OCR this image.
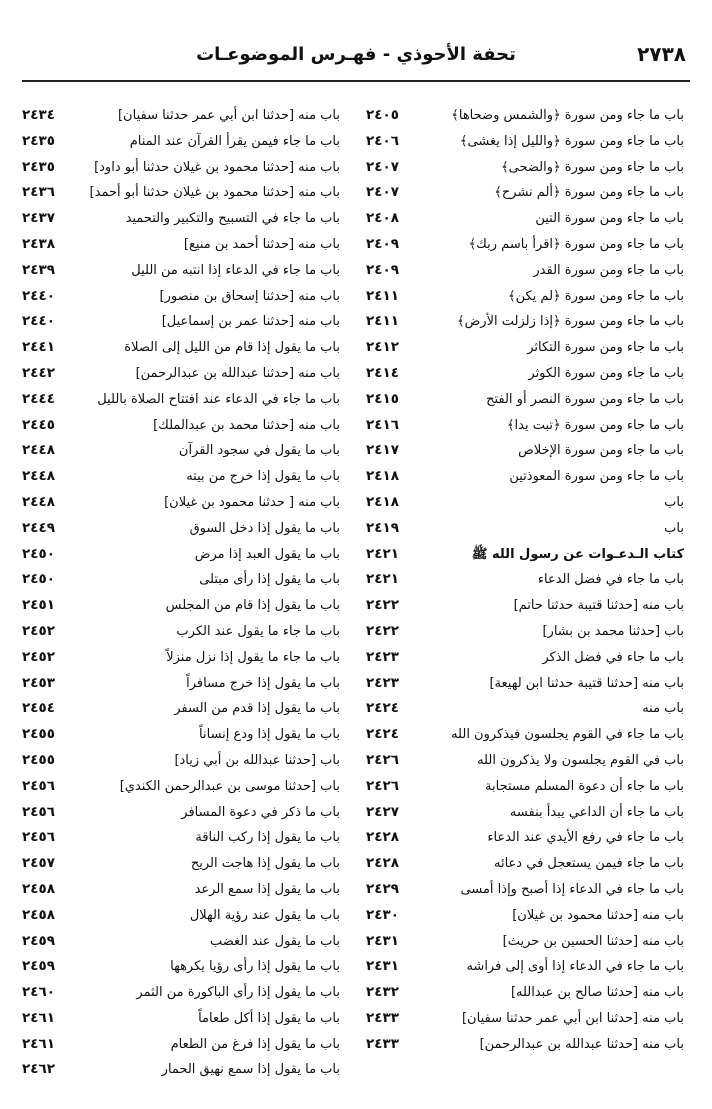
٢٧٣٨
تحفة الأحوذي - فهـرس الموضوعـات
باب ما جاء ومن سورة ﴿والشمس وضحاها﴾
٢٤٠٥
باب ما جاء ومن سورة ﴿والليل إذا يغشى﴾
٢٤٠٦
باب ما جاء ومن سورة ﴿والضحى﴾
٢٤٠٧
باب ما جاء ومن سورة ﴿ألم نشرح﴾
٢٤٠٧
باب ما جاء ومن سورة التين
٢٤٠٨
باب ما جاء ومن سورة ﴿اقرأ باسم ربك﴾
٢٤٠٩
باب ما جاء ومن سورة القدر
٢٤٠٩
باب ما جاء ومن سورة ﴿لم يكن﴾
٢٤١١
باب ما جاء ومن سورة ﴿إذا زلزلت الأرض﴾
٢٤١١
باب ما جاء ومن سورة التكاثر
٢٤١٢
باب ما جاء ومن سورة الكوثر
٢٤١٤
باب ما جاء ومن سورة النصر أو الفتح
٢٤١٥
باب ما جاء ومن سورة ﴿تبت يدا﴾
٢٤١٦
باب ما جاء ومن سورة الإخلاص
٢٤١٧
باب ما جاء ومن سورة المعوذتين
٢٤١٨
باب
٢٤١٨
باب
٢٤١٩
كتاب الـدعـوات عن رسول الله ﷺ
٢٤٢١
باب ما جاء في فضل الدعاء
٢٤٢١
باب منه [حدثنا قتيبة حدثنا حاتم]
٢٤٢٢
باب [حدثنا محمد بن بشار]
٢٤٢٢
باب ما جاء في فضل الذكر
٢٤٢٣
باب منه [حدثنا قتيبة حدثنا ابن لهيعة]
٢٤٢٣
باب منه
٢٤٢٤
باب ما جاء في القوم يجلسون فيذكرون الله
٢٤٢٤
باب في القوم يجلسون ولا يذكرون الله
٢٤٢٦
باب ما جاء أن دعوة المسلم مستجابة
٢٤٢٦
باب ما جاء أن الداعي يبدأ بنفسه
٢٤٢٧
باب ما جاء في رفع الأيدي عند الدعاء
٢٤٢٨
باب ما جاء فيمن يستعجل في دعائه
٢٤٢٨
باب ما جاء في الدعاء إذا أصبح وإذا أمسى
٢٤٢٩
باب منه [حدثنا محمود بن غيلان]
٢٤٣٠
باب منه [حدثنا الحسين بن حريث]
٢٤٣١
باب ما جاء في الدعاء إذا أوى إلى فراشه
٢٤٣١
باب منه [حدثنا صالح بن عبدالله]
٢٤٣٢
باب منه [حدثنا ابن أبي عمر حدثنا سفيان]
٢٤٣٣
باب منه [حدثنا عبدالله بن عبدالرحمن]
٢٤٣٣
باب منه [حدثنا ابن أبي عمر حدثنا سفيان]
٢٤٣٤
باب ما جاء فيمن يقرأ القرآن عند المنام
٢٤٣٥
باب منه [حدثنا محمود بن غيلان حدثنا أبو داود]
٢٤٣٥
باب منه [حدثنا محمود بن غيلان حدثنا أبو أحمد]
٢٤٣٦
باب ما جاء في التسبيح والتكبير والتحميد
٢٤٣٧
باب منه [حدثنا أحمد بن منيع]
٢٤٣٨
باب ما جاء في الدعاء إذا انتبه من الليل
٢٤٣٩
باب منه [حدثنا إسحاق بن منصور]
٢٤٤٠
باب منه [حدثنا عمر بن إسماعيل]
٢٤٤٠
باب ما يقول إذا قام من الليل إلى الصلاة
٢٤٤١
باب منه [حدثنا عبدالله بن عبدالرحمن]
٢٤٤٢
باب ما جاء في الدعاء عند افتتاح الصلاة بالليل
٢٤٤٤
باب منه [حدثنا محمد بن عبدالملك]
٢٤٤٥
باب ما يقول في سجود القرآن
٢٤٤٨
باب ما يقول إذا خرج من بيته
٢٤٤٨
باب منه [ حدثنا محمود بن غيلان]
٢٤٤٨
باب ما يقول إذا دخل السوق
٢٤٤٩
باب ما يقول العبد إذا مرض
٢٤٥٠
باب ما يقول إذا رأى مبتلى
٢٤٥٠
باب ما يقول إذا قام من المجلس
٢٤٥١
باب ما جاء ما يقول عند الكرب
٢٤٥٢
باب ما جاء ما يقول إذا نزل منزلاً
٢٤٥٢
باب ما يقول إذا خرج مسافراً
٢٤٥٣
باب ما يقول إذا قدم من السفر
٢٤٥٤
باب ما يقول إذا ودع إنساناً
٢٤٥٥
باب [حدثنا عبدالله بن أبي زياد]
٢٤٥٥
باب [حدثنا موسى بن عبدالرحمن الكندي]
٢٤٥٦
باب ما ذكر في دعوة المسافر
٢٤٥٦
باب ما يقول إذا ركب الناقة
٢٤٥٦
باب ما يقول إذا هاجت الريح
٢٤٥٧
باب ما يقول إذا سمع الرعد
٢٤٥٨
باب ما يقول عند رؤية الهلال
٢٤٥٨
باب ما يقول عند الغضب
٢٤٥٩
باب ما يقول إذا رأى رؤيا يكرهها
٢٤٥٩
باب ما يقول إذا رأى الباكورة من الثمر
٢٤٦٠
باب ما يقول إذا أكل طعاماً
٢٤٦١
باب ما يقول إذا فرغ من الطعام
٢٤٦١
باب ما يقول إذا سمع نهيق الحمار
٢٤٦٢
